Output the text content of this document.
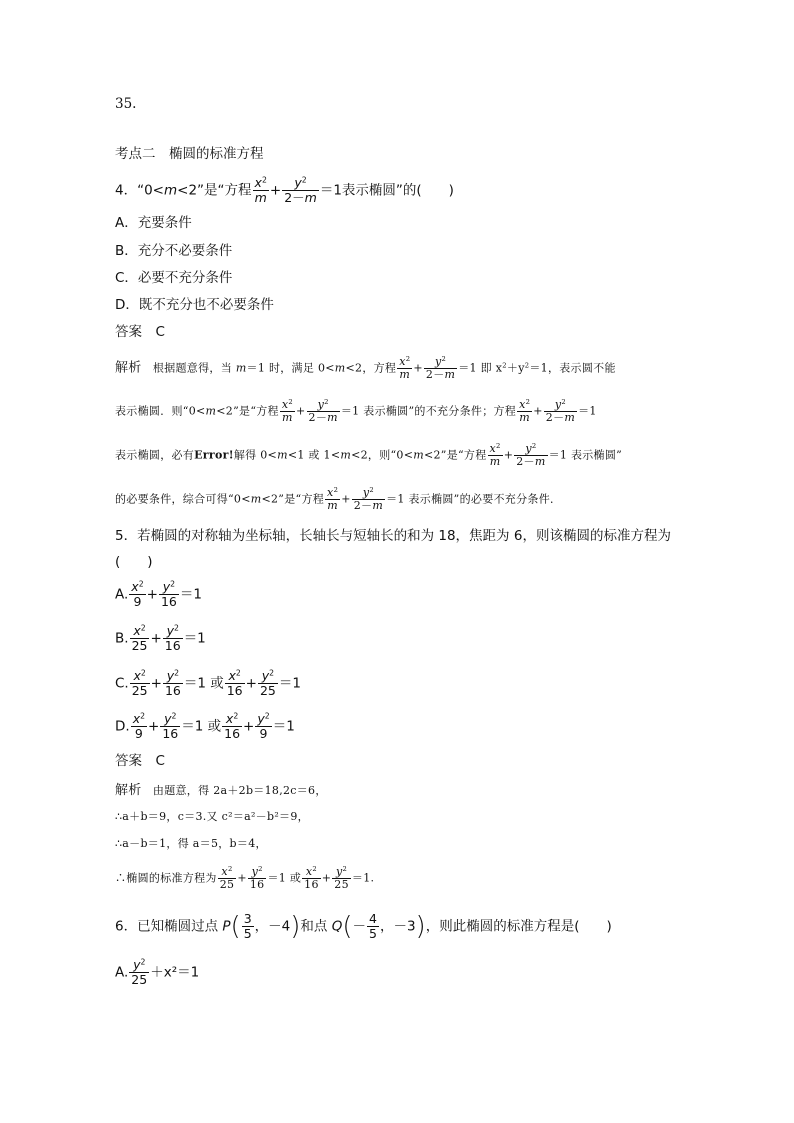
35.
考点二　椭圆的标准方程
4．“0<m<2”是“方程 $\frac{x^2}{m} + \frac{y^2}{2-m} =1$表示椭圆”的(　　)
A．充要条件
B．充分不必要条件
C．必要不充分条件
D．既不充分也不必要条件
答案　C
解析　根据题意得，当 m＝1 时，满足 0<m<2，方程 $\frac{x^2}{m} + \frac{y^2}{2-m} =1$ 即 $x^2+y^2=1$，表示圆不能
表示椭圆．则“0<m<2”是“方程 $\frac{x^2}{m} + \frac{y^2}{2-m} =1$ 表示椭圆”的不充分条件；方程 $\frac{x^2}{m} + \frac{y^2}{2-m} =1$
表示椭圆，必有Error!解得 0<m<1 或 1<m<2，则“0<m<2”是“方程 $\frac{x^2}{m} + \frac{y^2}{2-m} =1$ 表示椭圆”
的必要条件，综合可得“0<m<2”是“方程 $\frac{x^2}{m} + \frac{y^2}{2-m} =1$ 表示椭圆”的必要不充分条件．
5．若椭圆的对称轴为坐标轴，长轴长与短轴长的和为 18，焦距为 6，则该椭圆的标准方程为
(　　)
A. $\frac{x^2}{9} + \frac{y^2}{16} =1$
B. $\frac{x^2}{25} + \frac{y^2}{16} =1$
C. $\frac{x^2}{25} + \frac{y^2}{16} =1$ 或 $\frac{x^2}{16} + \frac{y^2}{25} =1$
D. $\frac{x^2}{9} + \frac{y^2}{16} =1$ 或 $\frac{x^2}{16} + \frac{y^2}{9} =1$
答案　C
解析　由题意，得 2a＋2b＝18,2c＝6，
∴a＋b＝9，c＝3.又 c²＝a²－b²＝9，
∴a－b＝1，得 a＝5，b＝4，
∴椭圆的标准方程为 $\frac{x^2}{25} + \frac{y^2}{16} =1$ 或 $\frac{x^2}{16} + \frac{y^2}{25} =1$.
6．已知椭圆过点 $P( \frac{3}{5}$ ，－4)和点 $Q(- \frac{4}{5}$ ，－3)，则此椭圆的标准方程是(　　)
A. $\frac{y^2}{25} +x^2=1$
